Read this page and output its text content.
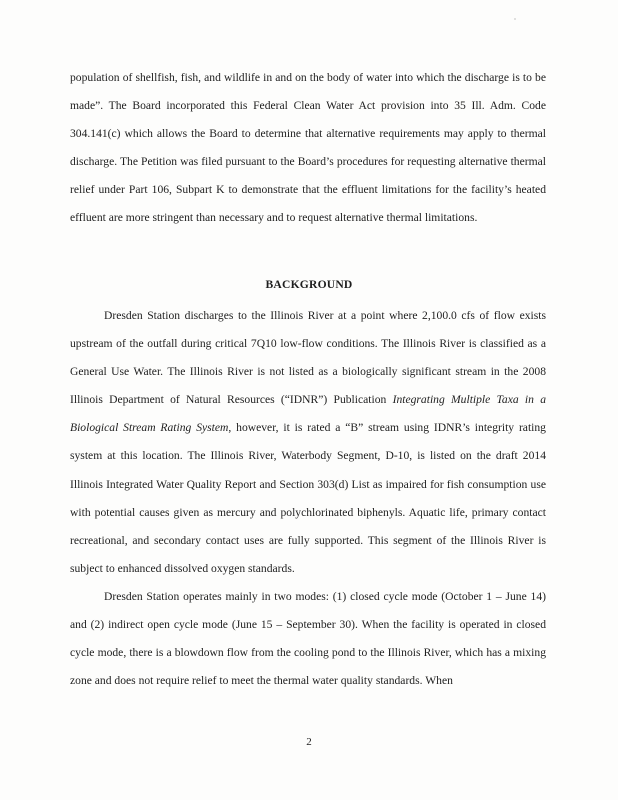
population of shellfish, fish, and wildlife in and on the body of water into which the discharge is to be made”. The Board incorporated this Federal Clean Water Act provision into 35 Ill. Adm. Code 304.141(c) which allows the Board to determine that alternative requirements may apply to thermal discharge. The Petition was filed pursuant to the Board’s procedures for requesting alternative thermal relief under Part 106, Subpart K to demonstrate that the effluent limitations for the facility’s heated effluent are more stringent than necessary and to request alternative thermal limitations.

BACKGROUND

Dresden Station discharges to the Illinois River at a point where 2,100.0 cfs of flow exists upstream of the outfall during critical 7Q10 low-flow conditions. The Illinois River is classified as a General Use Water. The Illinois River is not listed as a biologically significant stream in the 2008 Illinois Department of Natural Resources (“IDNR”) Publication Integrating Multiple Taxa in a Biological Stream Rating System, however, it is rated a “B” stream using IDNR’s integrity rating system at this location. The Illinois River, Waterbody Segment, D-10, is listed on the draft 2014 Illinois Integrated Water Quality Report and Section 303(d) List as impaired for fish consumption use with potential causes given as mercury and polychlorinated biphenyls. Aquatic life, primary contact recreational, and secondary contact uses are fully supported. This segment of the Illinois River is subject to enhanced dissolved oxygen standards.

Dresden Station operates mainly in two modes: (1) closed cycle mode (October 1 – June 14) and (2) indirect open cycle mode (June 15 – September 30). When the facility is operated in closed cycle mode, there is a blowdown flow from the cooling pond to the Illinois River, which has a mixing zone and does not require relief to meet the thermal water quality standards. When

2
